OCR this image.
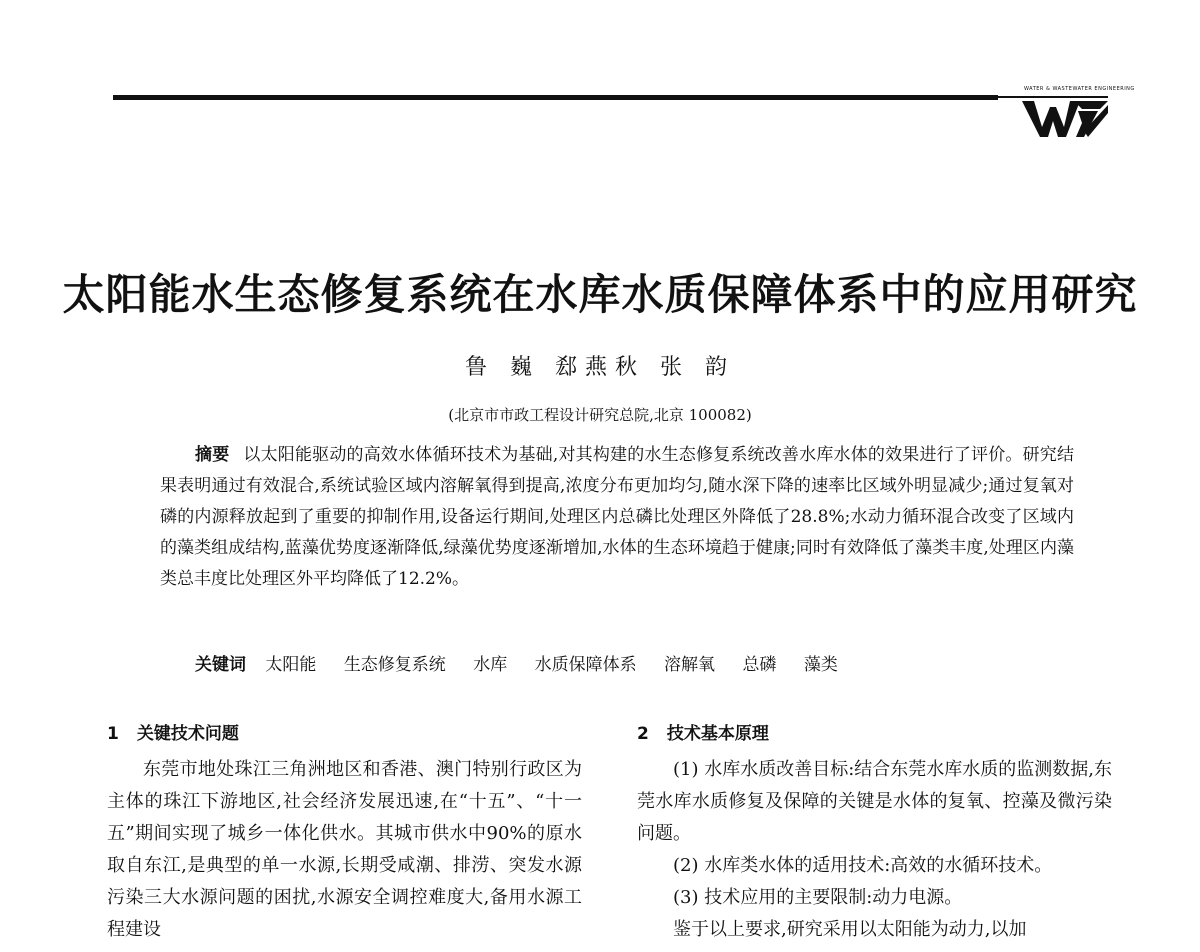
WATER & WASTEWATER ENGINEERING
太阳能水生态修复系统在水库水质保障体系中的应用研究
鲁 巍 郄燕秋 张 韵
(北京市市政工程设计研究总院,北京 100082)
摘要 以太阳能驱动的高效水体循环技术为基础,对其构建的水生态修复系统改善水库水体的效果进行了评价。研究结果表明通过有效混合,系统试验区域内溶解氧得到提高,浓度分布更加均匀,随水深下降的速率比区域外明显减少;通过复氧对磷的内源释放起到了重要的抑制作用,设备运行期间,处理区内总磷比处理区外降低了28.8%;水动力循环混合改变了区域内的藻类组成结构,蓝藻优势度逐渐降低,绿藻优势度逐渐增加,水体的生态环境趋于健康;同时有效降低了藻类丰度,处理区内藻类总丰度比处理区外平均降低了12.2%。
关键词 太阳能 生态修复系统 水库 水质保障体系 溶解氧 总磷 藻类
1 关键技术问题

东莞市地处珠江三角洲地区和香港、澳门特别行政区为主体的珠江下游地区,社会经济发展迅速,在“十五”、“十一五”期间实现了城乡一体化供水。其城市供水中90%的原水取自东江,是典型的单一水源,长期受咸潮、排涝、突发水源污染三大水源问题的困扰,水源安全调控难度大,备用水源工程建设

2 技术基本原理

(1) 水库水质改善目标:结合东莞水库水质的监测数据,东莞水库水质修复及保障的关键是水体的复氧、控藻及微污染问题。

(2) 水库类水体的适用技术:高效的水循环技术。

(3) 技术应用的主要限制:动力电源。

鉴于以上要求,研究采用以太阳能为动力,以加
